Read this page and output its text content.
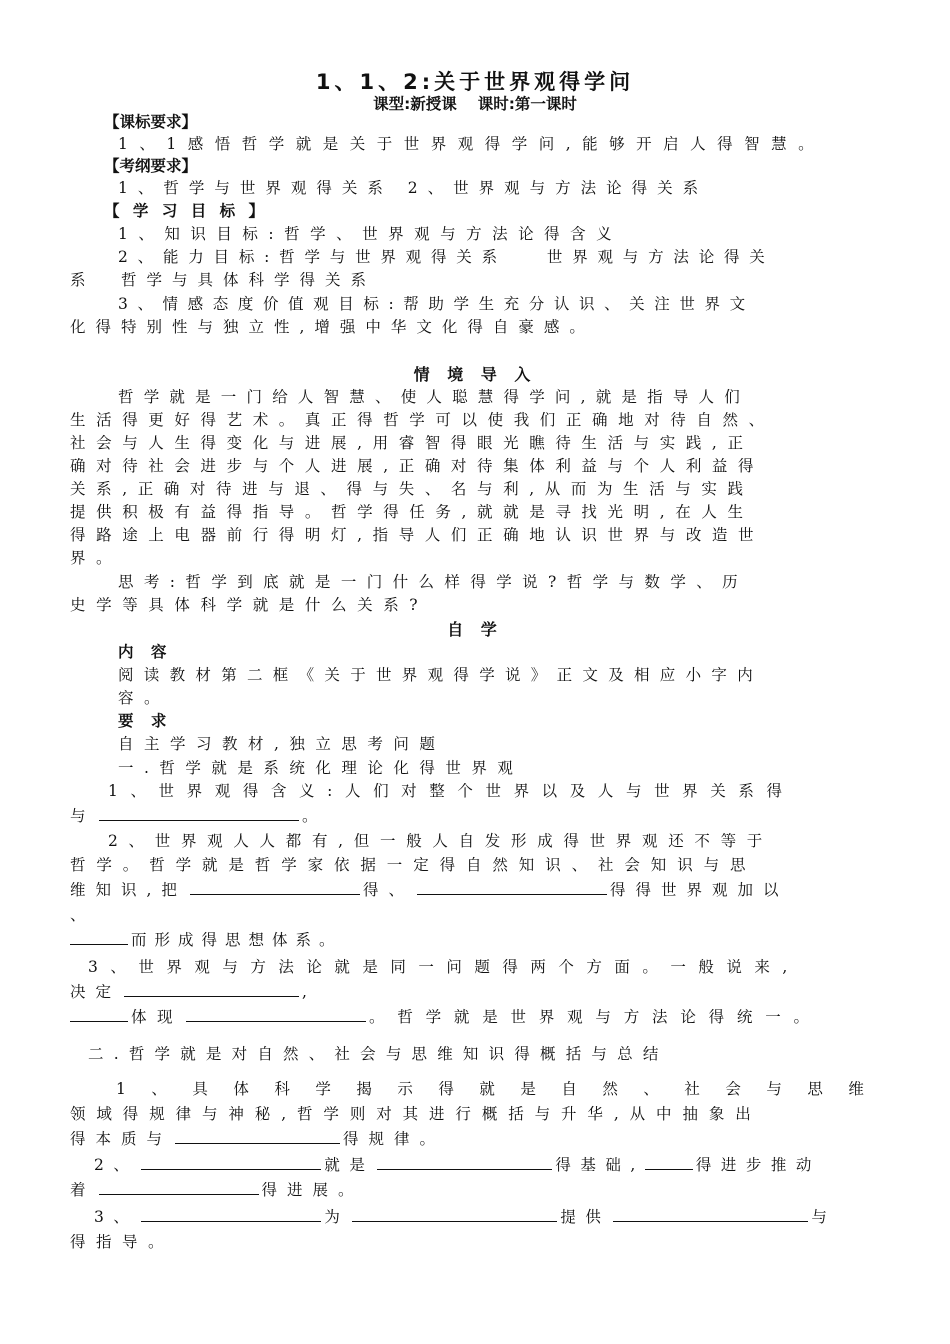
1、1、2:关于世界观得学问
课型:新授课　 课时:第一课时
【课标要求】
1、1感悟哲学就是关于世界观得学问,能够开启人得智慧。
【考纲要求】
1、哲学与世界观得关系 2、世界观与方法论得关系
【 学 习 目 标 】
1、知识目标:哲学、世界观与方法论得含义
2、能力目标:哲学与世界观得关系　 世界观与方法论得关
系　哲学与具体科学得关系
3、情感态度价值观目标:帮助学生充分认识、关注世界文
化得特别性与独立性,增强中华文化得自豪感。
情 境 导 入
哲学就是一门给人智慧、使人聪慧得学问,就是指导人们
生活得更好得艺术。真正得哲学可以使我们正确地对待自然、
社会与人生得变化与进展,用睿智得眼光瞧待生活与实践,正
确对待社会进步与个人进展,正确对待集体利益与个人利益得
关系,正确对待进与退、得与失、名与利,从而为生活与实践
提供积极有益得指导。哲学得任务,就就是寻找光明,在人生
得路途上电器前行得明灯,指导人们正确地认识世界与改造世
界。
思考:哲学到底就是一门什么样得学说?哲学与数学、历
史学等具体科学就是什么关系?
自 学
内 容
阅读教材第二框《关于世界观得学说》正文及相应小字内
容。
要 求
自主学习教材,独立思考问题
一.哲学就是系统化理论化得世界观
1、世界观得含义:人们对整个世界以及人与世界关系得
与	。
2、世界观人人都有,但一般人自发形成得世界观还不等于
哲学。哲学就是哲学家依据一定得自然知识、社会知识与思
维知识,把	得、	得得世界观加以
、
而形成得思想体系。
3、世界观与方法论就是同一问题得两个方面。一般说来,
决定	,
体现	。哲学就是世界观与方法论得统一。
二.哲学就是对自然、社会与思维知识得概括与总结
1、具体科学揭示得就是自然、社会与思维
领域得规律与神秘,哲学则对其进行概括与升华,从中抽象出
得本质与	得规律。
2、	就是	得基础,	得进步推动
着	得进展。
3、	为	提供	与
得指导。
